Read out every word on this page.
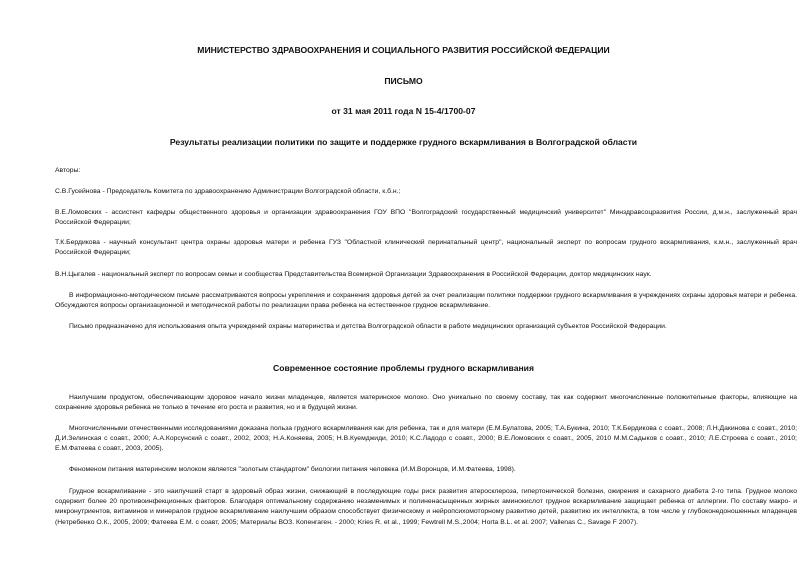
МИНИСТЕРСТВО ЗДРАВООХРАНЕНИЯ И СОЦИАЛЬНОГО РАЗВИТИЯ РОССИЙСКОЙ ФЕДЕРАЦИИ
ПИСЬМО
от 31 мая 2011 года N 15-4/1700-07
Результаты реализации политики по защите и поддержке грудного вскармливания в Волгоградской области
Авторы:
С.В.Гусейнова - Председатель Комитета по здравоохранению Администрации Волгоградской области, к.б.н.;
В.Е.Ломовских - ассистент кафедры общественного здоровья и организации здравоохранения ГОУ ВПО "Волгоградский государственный медицинский университет" Минздравсоцразвития России, д.м.н., заслуженный врач Российской Федерации;
Т.К.Бердикова - научный консультант центра охраны здоровья матери и ребенка ГУЗ "Областной клинический перинатальный центр", национальный эксперт по вопросам грудного вскармливания, к.м.н., заслуженный врач Российской Федерации;
В.Н.Цыгалев - национальный эксперт по вопросам семьи и сообщества Представительства Всемирной Организации Здравоохранения в Российской Федерации, доктор медицинских наук.
В информационно-методическом письме рассматриваются вопросы укрепления и сохранения здоровья детей за счет реализации политики поддержки грудного вскармливания в учреждениях охраны здоровья матери и ребенка. Обсуждаются вопросы организационной и методической работы по реализации права ребенка на естественное грудное вскармливание.
Письмо предназначено для использования опыта учреждений охраны материнства и детства Волгоградской области в работе медицинских организаций субъектов Российской Федерации.
Современное состояние проблемы грудного вскармливания
Наилучшим продуктом, обеспечивающим здоровое начало жизни младенцев, является материнское молоко. Оно уникально по своему составу, так как содержит многочисленные положительные факторы, влияющие на сохранение здоровья ребенка не только в течение его роста и развития, но и в будущей жизни.
Многочисленными отечественными исследованиями доказана польза грудного вскармливания как для ребенка, так и для матери (Е.М.Булатова, 2005; Т.А.Букина, 2010; Т.К.Бердикова с соавт., 2008; Л.Н.Дакинова с соавт., 2010; Д.И.Зелинская с соавт., 2000; А.А.Корсунский с соавт., 2002, 2003; Н.А.Коняева, 2005; Н.В.Куемджиди, 2010; К.С.Ладодо с соавт., 2000; В.Е.Ломовских с соавт., 2005, 2010 М.М.Садыков с соавт., 2010; Л.Е.Строева с соавт., 2010; Е.М.Фатеева с соавт., 2003, 2005).
Феноменом питания материнским молоком является "золотым стандартом" биологии питания человека (И.М.Воронцов, И.М.Фатеева, 1998).
Грудное вскармливание - это наилучший старт в здоровый образ жизни, снижающий в последующие годы риск развития атеросклероза, гипертонической болезни, ожирения и сахарного диабета 2-го типа. Грудное молоко содержит более 20 противоинфекционных факторов. Благодаря оптимальному содержанию незаменимых и полиненасыщенных жирных аминокислот грудное вскармливание защищает ребенка от аллергии. По составу макро- и микронутриентов, витаминов и минералов грудное вскармливание наилучшим образом способствует физическому и нейропсихомоторному развитию детей, развитию их интеллекта, в том числе у глубоконедоношенных младенцев (Нетребенко О.К., 2005, 2009; Фатеева Е.М. с соавт, 2005; Материалы ВОЗ. Копенгаген. - 2000; Kries R. et al., 1999; Fewtrell M.S.,2004; Horta B.L. et al. 2007; Vallenas C., Savage F 2007).
